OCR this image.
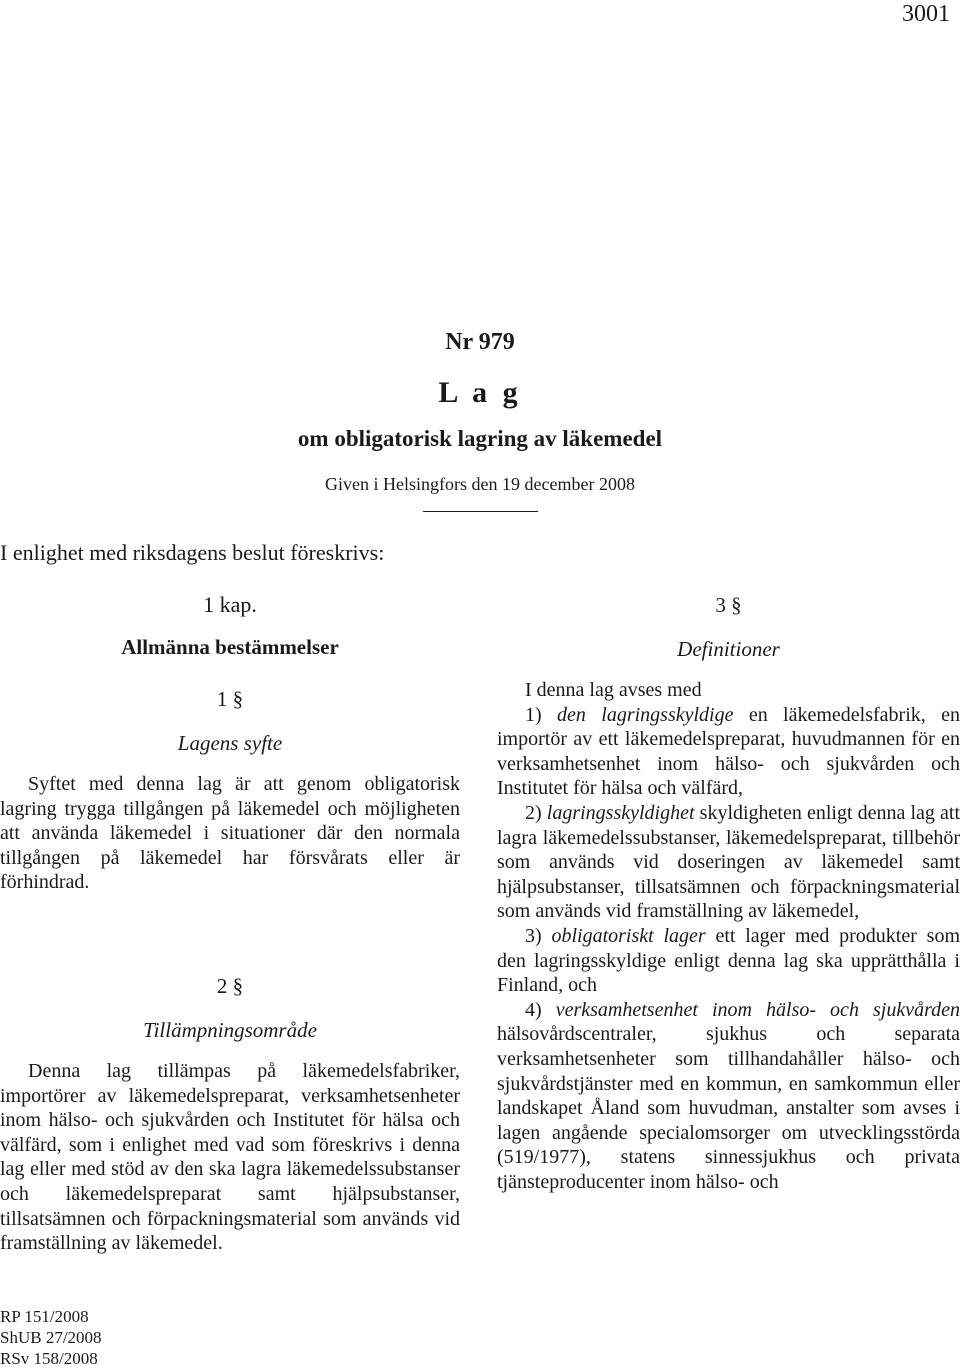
3001
Nr 979
L a g
om obligatorisk lagring av läkemedel
Given i Helsingfors den 19 december 2008
I enlighet med riksdagens beslut föreskrivs:
1 kap.
Allmänna bestämmelser
1 §
Lagens syfte

Syftet med denna lag är att genom obligatorisk lagring trygga tillgången på läkemedel och möjligheten att använda läkemedel i situationer där den normala tillgången på läkemedel har försvårats eller är förhindrad.

2 §
Tillämpningsområde

Denna lag tillämpas på läkemedelsfabriker, importörer av läkemedelspreparat, verksamhetsenheter inom hälso- och sjukvården och Institutet för hälsa och välfärd, som i enlighet med vad som föreskrivs i denna lag eller med stöd av den ska lagra läkemedelssubstanser och läkemedelspreparat samt hjälpsubstanser, tillsatsämnen och förpackningsmaterial som används vid framställning av läkemedel.

3 §
Definitioner

I denna lag avses med

1) den lagringsskyldige en läkemedelsfabrik, en importör av ett läkemedelspreparat, huvudmannen för en verksamhetsenhet inom hälso- och sjukvården och Institutet för hälsa och välfärd,

2) lagringsskyldighet skyldigheten enligt denna lag att lagra läkemedelssubstanser, läkemedelspreparat, tillbehör som används vid doseringen av läkemedel samt hjälpsubstanser, tillsatsämnen och förpackningsmaterial som används vid framställning av läkemedel,

3) obligatoriskt lager ett lager med produkter som den lagringsskyldige enligt denna lag ska upprätthålla i Finland, och

4) verksamhetsenhet inom hälso- och sjukvården hälsovårdscentraler, sjukhus och separata verksamhetsenheter som tillhandahåller hälso- och sjukvårdstjänster med en kommun, en samkommun eller landskapet Åland som huvudman, anstalter som avses i lagen angående specialomsorger om utvecklingsstörda (519/1977), statens sinnessjukhus och privata tjänsteproducenter inom hälso- och

RP 151/2008
ShUB 27/2008
RSv 158/2008
